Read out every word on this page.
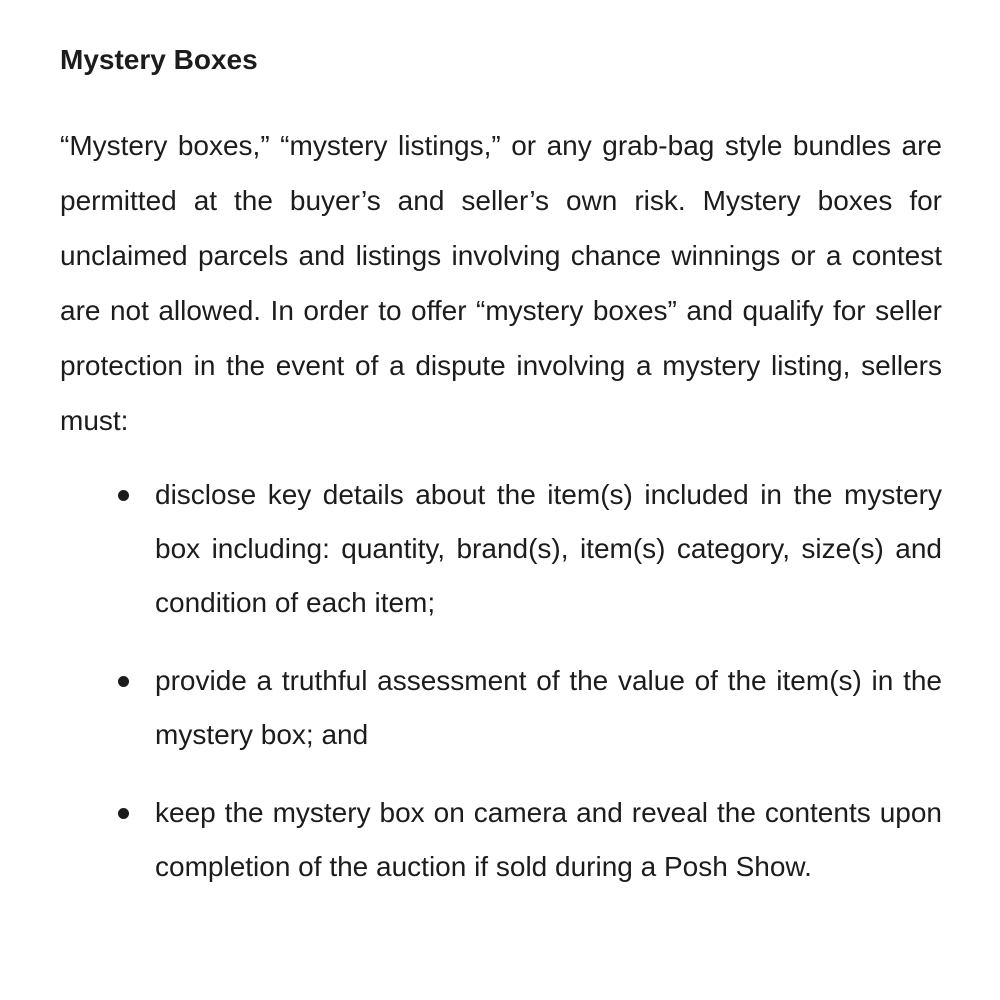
Mystery Boxes

“Mystery boxes,” “mystery listings,” or any grab-bag style bundles are permitted at the buyer’s and seller’s own risk. Mystery boxes for unclaimed parcels and listings involving chance winnings or a contest are not allowed. In order to offer “mystery boxes” and qualify for seller protection in the event of a dispute involving a mystery listing, sellers must:

disclose key details about the item(s) included in the mystery box including: quantity, brand(s), item(s) category, size(s) and condition of each item;
provide a truthful assessment of the value of the item(s) in the mystery box; and
keep the mystery box on camera and reveal the contents upon completion of the auction if sold during a Posh Show.
